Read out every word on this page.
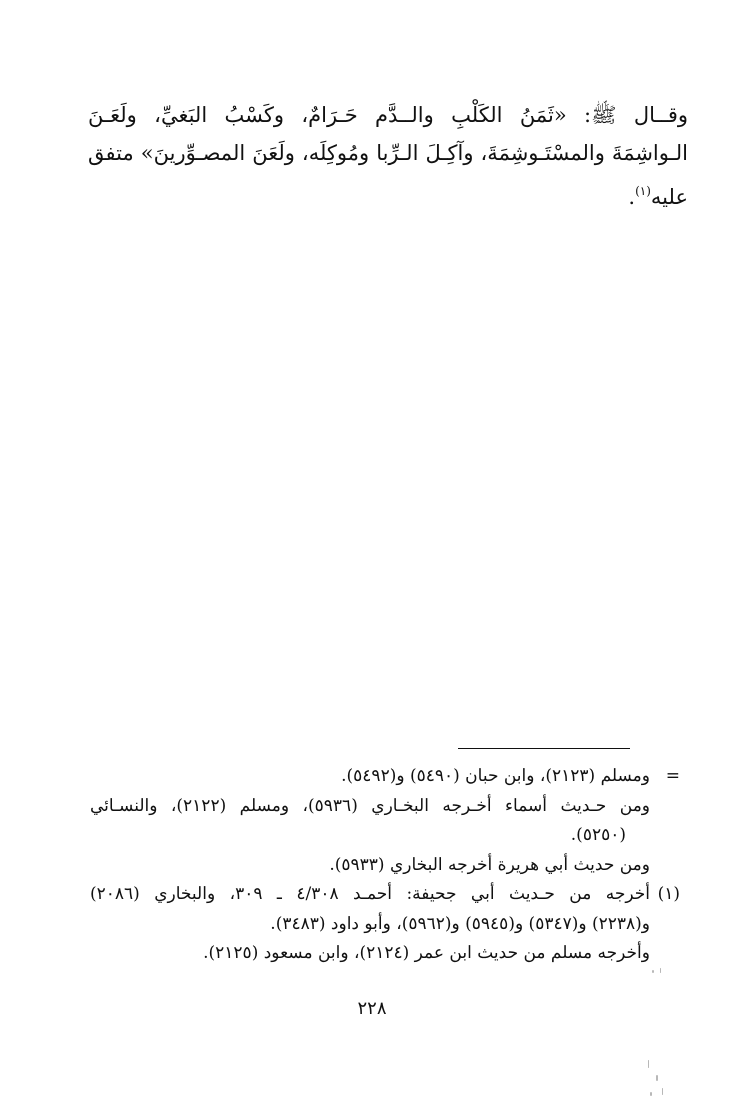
وقــال ﷺ: «ثَمَنُ الكَلْبِ والــدَّم حَـرَامٌ، وكَسْبُ البَغيِّ، ولَعَـنَ

الـواشِمَةَ والمسْتَـوشِمَةَ، وآكِـلَ الـرِّبا ومُوكِلَه، ولَعَنَ المصـوِّرينَ» متفق

عليه$^{(١)}$.

=
ومسلم (٢١٢٣)، وابن حبان (٥٤٩٠) و(٥٤٩٢).

ومن حـديث أسماء أخـرجه البخـاري (٥٩٣٦)، ومسلم (٢١٢٢)، والنسـائي

(٥٢٥٠).

ومن حديث أبي هريرة أخرجه البخاري (٥٩٣٣).

(١)
أخرجه من حـديث أبي جحيفة: أحمـد ٤/٣٠٨ ـ ٣٠٩، والبخاري (٢٠٨٦)

و(٢٢٣٨) و(٥٣٤٧) و(٥٩٤٥) و(٥٩٦٢)، وأبو داود (٣٤٨٣).

وأخرجه مسلم من حديث ابن عمر (٢١٢٤)، وابن مسعود (٢١٢٥).

٢٢٨
